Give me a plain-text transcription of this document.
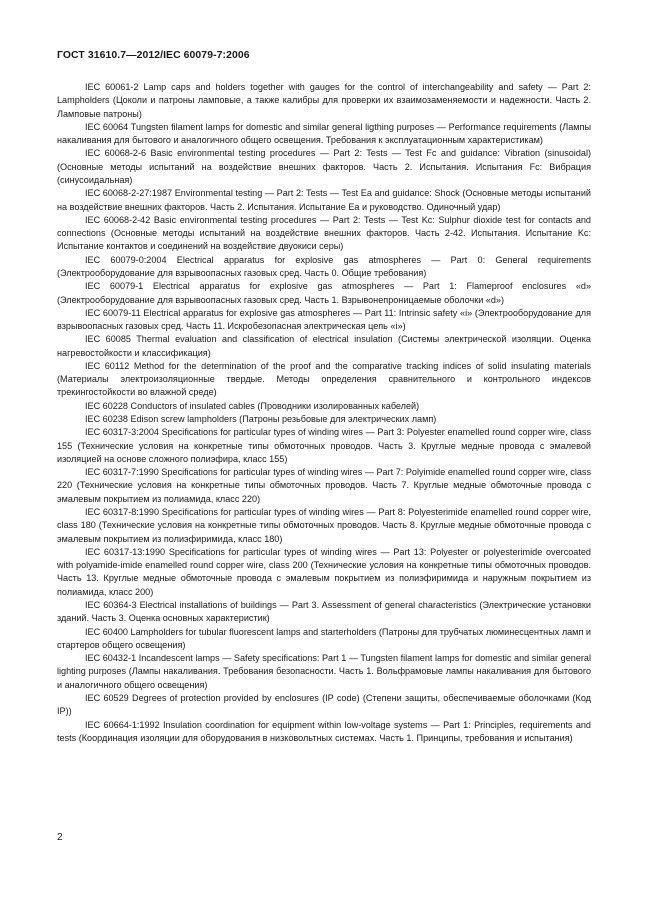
ГОСТ 31610.7—2012/IEC 60079-7:2006

IEC 60061-2 Lamp caps and holders together with gauges for the control of interchangeability and safety — Part 2: Lampholders (Цоколи и патроны ламповые, а также калибры для проверки их взаимозаменяемости и надежности. Часть 2. Ламповые патроны)

IEC 60064 Tungsten filament lamps for domestic and similar general ligthing purposes — Performance requirements (Лампы накаливания для бытового и аналогичного общего освещения. Требования к эксплуатационным характеристикам)

IEC 60068-2-6 Basic environmental testing procedures — Part 2: Tests — Test Fc and guidance: Vibration (sinusoidal) (Основные методы испытаний на воздействие внешних факторов. Часть 2. Испытания. Испытания Fc: Вибрация (синусоидальная)

IEC 60068-2-27:1987 Environmental testing — Part 2: Tests — Test Ea and guidance: Shock (Основные методы испытаний на воздействие внешних факторов. Часть 2. Испытания. Испытание Ea и руководство. Одиночный удар)

IEC 60068-2-42 Basic environmental testing procedures — Part 2: Tests — Test Kc: Sulphur dioxide test for contacts and connections (Основные методы испытаний на воздействие внешних факторов. Часть 2-42. Испытания. Испытание Kc: Испытание контактов и соединений на воздействие двуокиси серы)

IEC 60079-0:2004 Electrical apparatus for explosive gas atmospheres — Part 0: General requirements (Электрооборудование для взрывоопасных газовых сред. Часть 0. Общие требования)

IEC 60079-1 Electrical apparatus for explosive gas atmospheres — Part 1: Flameproof enclosures «d» (Электрооборудование для взрывоопасных газовых сред. Часть 1. Взрывонепроницаемые оболочки «d»)

IEC 60079-11 Electrical apparatus for explosive gas atmospheres — Part 11: Intrinsic safety «i» (Электрооборудование для взрывоопасных газовых сред. Часть 11. Искробезопасная электрическая цепь «i»)

IEC 60085 Thermal evaluation and classification of electrical insulation (Системы электрической изоляции. Оценка нагревостойкости и классификация)

IEC 60112 Method for the determination of the proof and the comparative tracking indices of solid insulating materials (Материалы электроизоляционные твердые. Методы определения сравнительного и контрольного индексов трекингостойкости во влажной среде)

IEC 60228 Conductors of insulated cables (Проводники изолированных кабелей)

IEC 60238 Edison screw lampholders (Патроны резьбовые для электрических ламп)

IEC 60317-3:2004 Specifications for particular types of winding wires — Part 3: Polyester enamelled round copper wire, class 155 (Технические условия на конкретные типы обмоточных проводов. Часть 3. Круглые медные провода с эмалевой изоляцией на основе сложного полиэфира, класс 155)

IEC 60317-7:1990 Specifications for particular types of winding wires — Part 7: Polyimide enamelled round copper wire, class 220 (Технические условия на конкретные типы обмоточных проводов. Часть 7. Круглые медные обмоточные провода с эмалевым покрытием из полиамида, класс 220)

IEC 60317-8:1990 Specifications for particular types of winding wires — Part 8: Polyesterimide enamelled round copper wire, class 180 (Технические условия на конкретные типы обмоточных проводов. Часть 8. Круглые медные обмоточные провода с эмалевым покрытием из полиэфиримида, класс 180)

IEC 60317-13:1990 Specifications for particular types of winding wires — Part 13: Polyester or polyesterimide overcoated with polyamide-imide enamelled round copper wire, class 200 (Технические условия на конкретные типы обмоточных проводов. Часть 13. Круглые медные обмоточные провода с эмалевым покрытием из полиэфиримида и наружным покрытием из полиамида, класс 200)

IEC 60364-3 Electrical installations of buildings — Part 3. Assessment of general characteristics (Электрические установки зданий. Часть 3. Оценка основных характеристик)

IEC 60400 Lampholders for tubular fluorescent lamps and starterholders (Патроны для трубчатых люминесцентных ламп и стартеров общего освещения)

IEC 60432-1 Incandescent lamps — Safety specifications: Part 1 — Tungsten filament lamps for domestic and similar general lighting purposes (Лампы накаливания. Требования безопасности. Часть 1. Вольфрамовые лампы накаливания для бытового и аналогичного общего освещения)

IEC 60529 Degrees of protection provided by enclosures (IP code) (Степени защиты, обеспечиваемые оболочками (Код IP))

IEC 60664-1:1992 Insulation coordination for equipment within low-voltage systems — Part 1: Principles, requirements and tests (Координация изоляции для оборудования в низковольтных системах. Часть 1. Принципы, требования и испытания)

2
